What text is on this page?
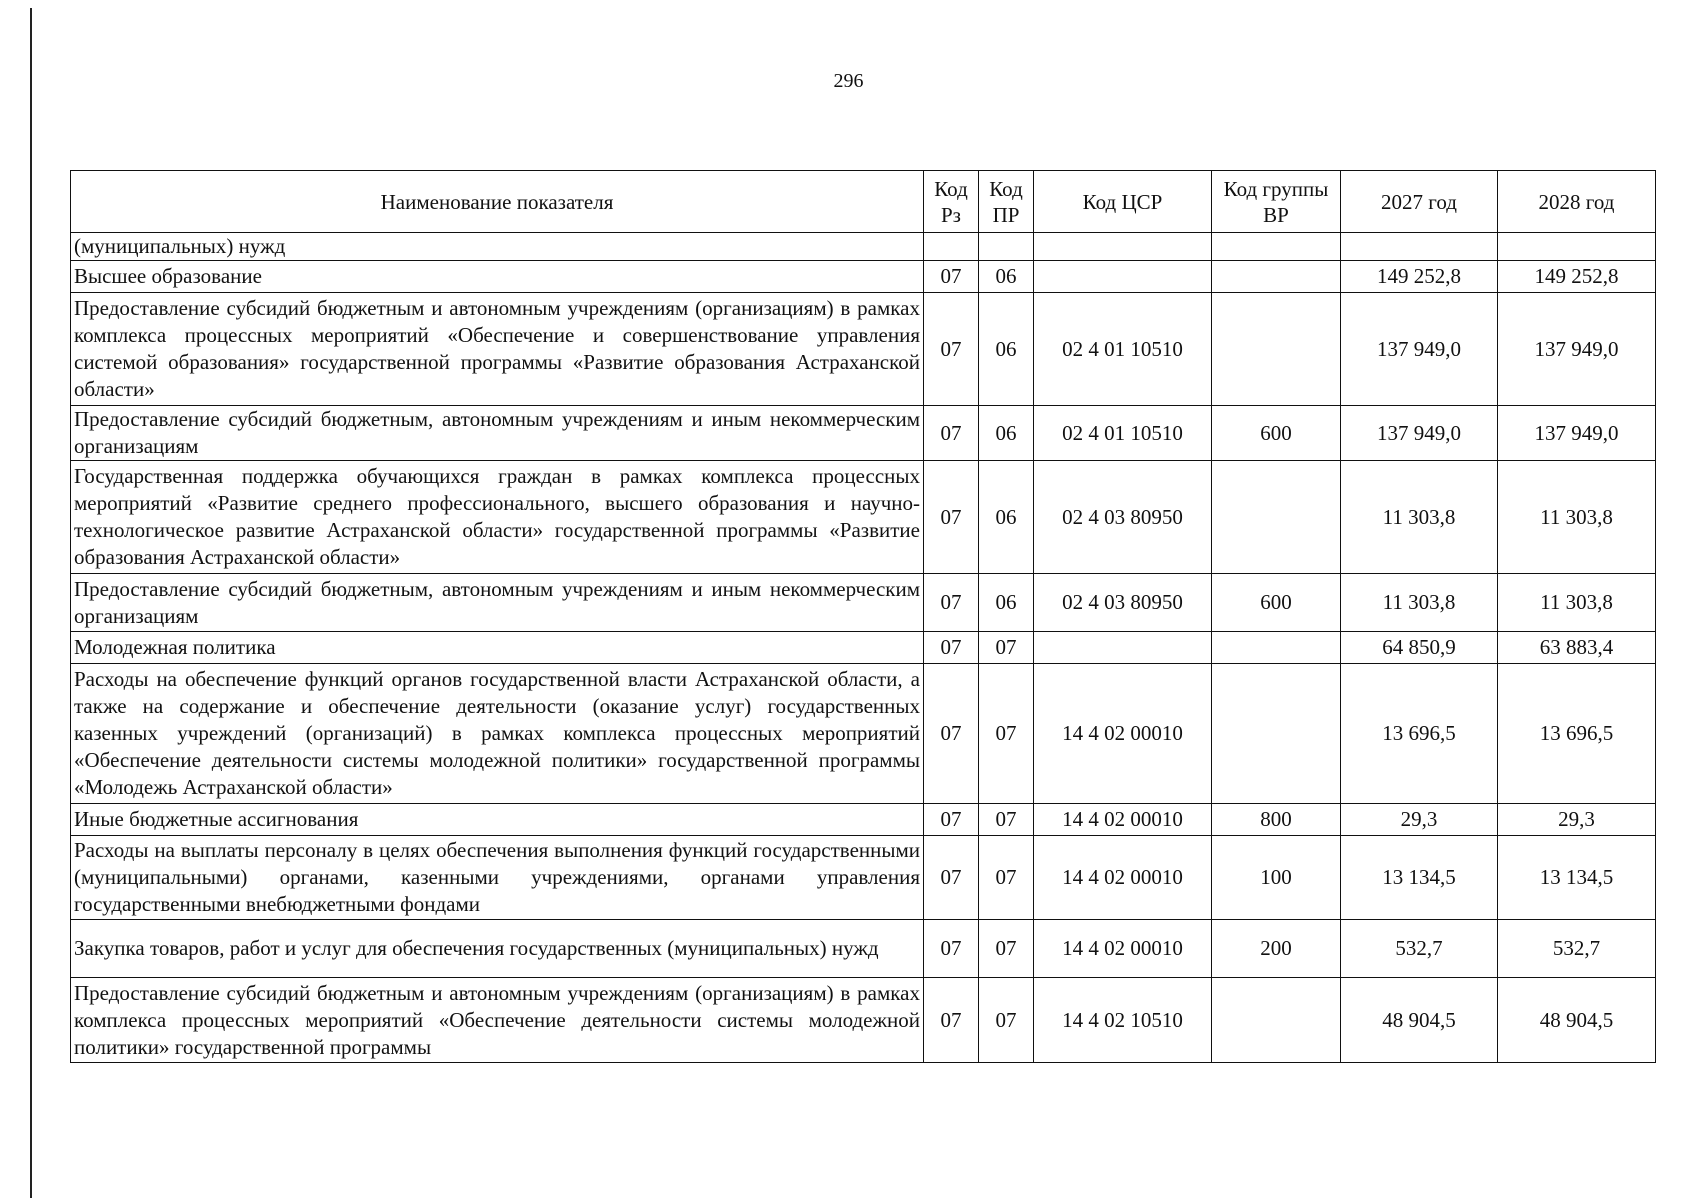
296
Наименование показателя	Код Рз	Код ПР	Код ЦСР	Код группы ВР	2027 год	2028 год
(муниципальных) нужд						
Высшее образование	07	06			149 252,8	149 252,8
Предоставление субсидий бюджетным и автономным учреждениям (организациям) в рамках комплекса процессных мероприятий «Обеспечение и совершенствование управления системой образования» государственной программы «Развитие образования Астраханской области»	07	06	02 4 01 10510		137 949,0	137 949,0
Предоставление субсидий бюджетным, автономным учреждениям и иным некоммерческим организациям	07	06	02 4 01 10510	600	137 949,0	137 949,0
Государственная поддержка обучающихся граждан в рамках комплекса процессных мероприятий «Развитие среднего профессионального, высшего образования и научно-технологическое развитие Астраханской области» государственной программы «Развитие образования Астраханской области»	07	06	02 4 03 80950		11 303,8	11 303,8
Предоставление субсидий бюджетным, автономным учреждениям и иным некоммерческим организациям	07	06	02 4 03 80950	600	11 303,8	11 303,8
Молодежная политика	07	07			64 850,9	63 883,4
Расходы на обеспечение функций органов государственной власти Астраханской области, а также на содержание и обеспечение деятельности (оказание услуг) государственных казенных учреждений (организаций) в рамках комплекса процессных мероприятий «Обеспечение деятельности системы молодежной политики» государственной программы «Молодежь Астраханской области»	07	07	14 4 02 00010		13 696,5	13 696,5
Иные бюджетные ассигнования	07	07	14 4 02 00010	800	29,3	29,3
Расходы на выплаты персоналу в целях обеспечения выполнения функций государственными (муниципальными) органами, казенными учреждениями, органами управления государственными внебюджетными фондами	07	07	14 4 02 00010	100	13 134,5	13 134,5
Закупка товаров, работ и услуг для обеспечения государственных (муниципальных) нужд	07	07	14 4 02 00010	200	532,7	532,7
Предоставление субсидий бюджетным и автономным учреждениям (организациям) в рамках комплекса процессных мероприятий «Обеспечение деятельности системы молодежной политики» государственной программы	07	07	14 4 02 10510		48 904,5	48 904,5
